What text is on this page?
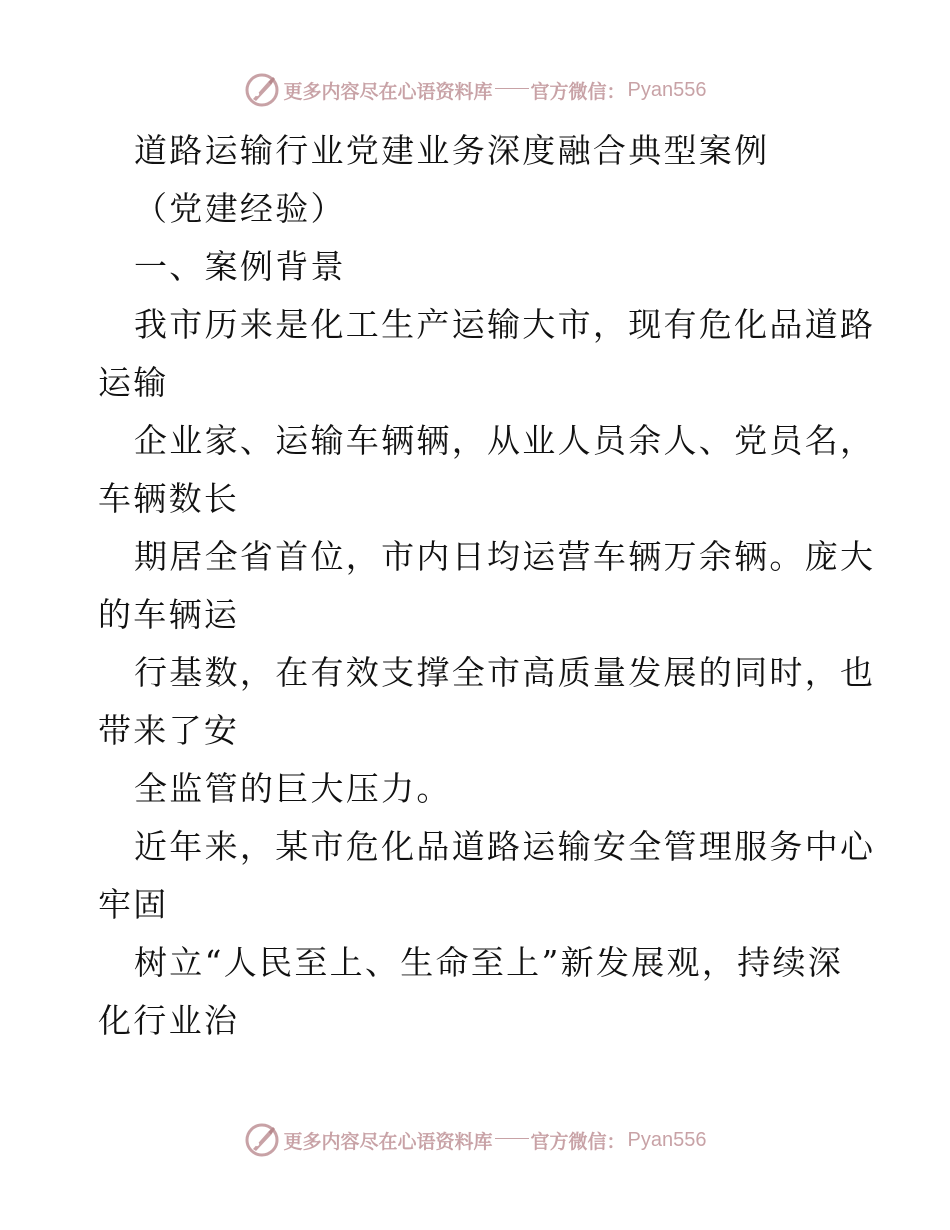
更多内容尽在心语资料库 官方微信： Pyan556
道路运输行业党建业务深度融合典型案例
（党建经验）
一、案例背景
我市历来是化工生产运输大市，现有危化品道路
运输
企业家、运输车辆辆，从业人员余人、党员名，
车辆数长
期居全省首位，市内日均运营车辆万余辆。庞大
的车辆运
行基数，在有效支撑全市高质量发展的同时，也
带来了安
全监管的巨大压力。
近年来，某市危化品道路运输安全管理服务中心
牢固
树立“人民至上、生命至上”新发展观，持续深
化行业治
更多内容尽在心语资料库 官方微信： Pyan556
